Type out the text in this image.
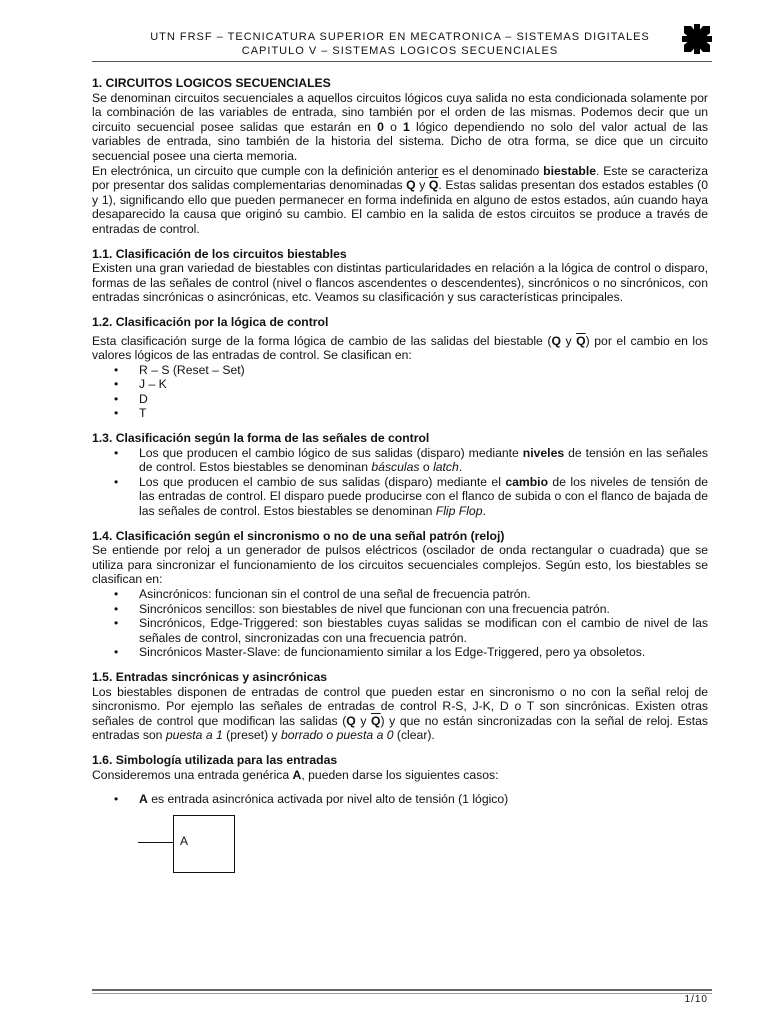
UTN FRSF – TECNICATURA SUPERIOR EN MECATRONICA – SISTEMAS DIGITALES
CAPITULO V – SISTEMAS LOGICOS SECUENCIALES
1. CIRCUITOS LOGICOS SECUENCIALES

Se denominan circuitos secuenciales a aquellos circuitos lógicos cuya salida no esta condicionada solamente por la combinación de las variables de entrada, sino también por el orden de las mismas. Podemos decir que un circuito secuencial posee salidas que estarán en 0 o 1 lógico dependiendo no solo del valor actual de las variables de entrada, sino también de la historia del sistema. Dicho de otra forma, se dice que un circuito secuencial posee una cierta memoria.

En electrónica, un circuito que cumple con la definición anterior es el denominado biestable. Este se caracteriza por presentar dos salidas complementarias denominadas Q y $\overline{Q}$. Estas salidas presentan dos estados estables (0 y 1), significando ello que pueden permanecer en forma indefinida en alguno de estos estados, aún cuando haya desaparecido la causa que originó su cambio. El cambio en la salida de estos circuitos se produce a través de entradas de control.

1.1. Clasificación de los circuitos biestables

Existen una gran variedad de biestables con distintas particularidades en relación a la lógica de control o disparo, formas de las señales de control (nivel o flancos ascendentes o descendentes), sincrónicos o no sincrónicos, con entradas sincrónicas o asincrónicas, etc. Veamos su clasificación y sus características principales.

1.2. Clasificación por la lógica de control

Esta clasificación surge de la forma lógica de cambio de las salidas del biestable (Q y $\overline{Q}$) por el cambio en los valores lógicos de las entradas de control. Se clasifican en:

• R – S (Reset – Set)
• J – K
• D
• T
1.3. Clasificación según la forma de las señales de control
• Los que producen el cambio lógico de sus salidas (disparo) mediante niveles de tensión en las señales de control. Estos biestables se denominan básculas o latch.
• Los que producen el cambio de sus salidas (disparo) mediante el cambio de los niveles de tensión de las entradas de control. El disparo puede producirse con el flanco de subida o con el flanco de bajada de las señales de control. Estos biestables se denominan Flip Flop.
1.4. Clasificación según el sincronismo o no de una señal patrón (reloj)

Se entiende por reloj a un generador de pulsos eléctricos (oscilador de onda rectangular o cuadrada) que se utiliza para sincronizar el funcionamiento de los circuitos secuenciales complejos. Según esto, los biestables se clasifican en:

• Asincrónicos: funcionan sin el control de una señal de frecuencia patrón.
• Sincrónicos sencillos: son biestables de nivel que funcionan con una frecuencia patrón.
• Sincrónicos, Edge-Triggered: son biestables cuyas salidas se modifican con el cambio de nivel de las señales de control, sincronizadas con una frecuencia patrón.
• Sincrónicos Master-Slave: de funcionamiento similar a los Edge-Triggered, pero ya obsoletos.
1.5. Entradas sincrónicas y asincrónicas

Los biestables disponen de entradas de control que pueden estar en sincronismo o no con la señal reloj de sincronismo. Por ejemplo las señales de entradas de control R-S, J-K, D o T son sincrónicas. Existen otras señales de control que modifican las salidas (Q y $\overline{Q}$) y que no están sincronizadas con la señal de reloj. Estas entradas son puesta a 1 (preset) y borrado o puesta a 0 (clear).

1.6. Simbología utilizada para las entradas

Consideremos una entrada genérica A, pueden darse los siguientes casos:

• A es entrada asincrónica activada por nivel alto de tensión (1 lógico)
A
1/10
